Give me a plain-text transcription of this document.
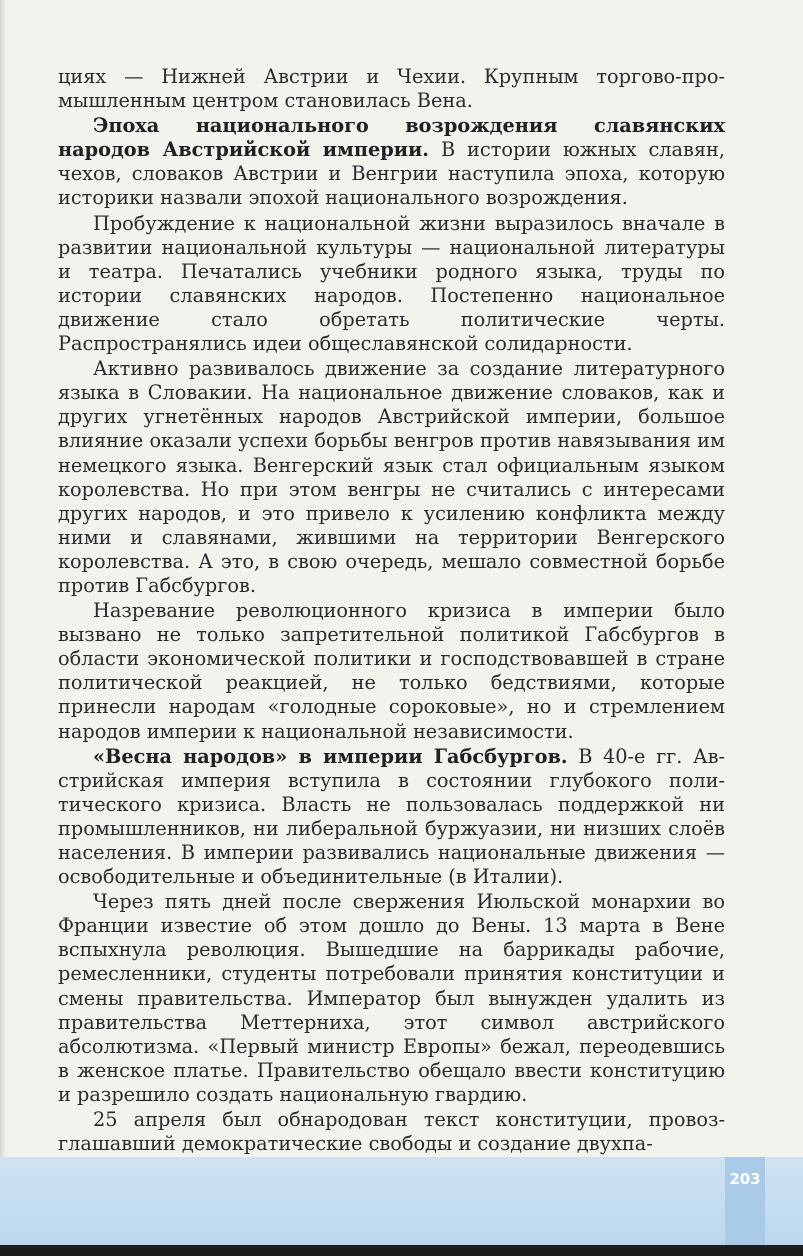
циях — Нижней Австрии и Чехии. Крупным торгово-промышленным центром становилась Вена.

Эпоха национального возрождения славянских народов Австрийской империи. В истории южных славян, чехов, словаков Австрии и Венгрии наступила эпоха, которую историки назвали эпохой национального возрождения.

Пробуждение к национальной жизни выразилось вначале в развитии национальной культуры — национальной литературы и театра. Печатались учебники родного языка, труды по истории славянских народов. Постепенно национальное движение стало обретать политические черты. Распространялись идеи общеславянской солидарности.

Активно развивалось движение за создание литературного языка в Словакии. На национальное движение словаков, как и других угнетённых народов Австрийской империи, большое влияние оказали успехи борьбы венгров против навязывания им немецкого языка. Венгерский язык стал официальным языком королевства. Но при этом венгры не считались с интересами других народов, и это привело к усилению конфликта между ними и славянами, жившими на территории Венгерского королевства. А это, в свою очередь, мешало совместной борьбе против Габсбургов.

Назревание революционного кризиса в империи было вызвано не только запретительной политикой Габсбургов в области экономической политики и господствовавшей в стране политической реакцией, не только бедствиями, которые принесли народам «голодные сороковые», но и стремлением народов империи к национальной независимости.

«Весна народов» в империи Габсбургов. В 40-е гг. Австрийская империя вступила в состоянии глубокого политического кризиса. Власть не пользовалась поддержкой ни промышленников, ни либеральной буржуазии, ни низших слоёв населения. В империи развивались национальные движения — освободительные и объединительные (в Италии).

Через пять дней после свержения Июльской монархии во Франции известие об этом дошло до Вены. 13 марта в Вене вспыхнула революция. Вышедшие на баррикады рабочие, ремесленники, студенты потребовали принятия конституции и смены правительства. Император был вынужден удалить из правительства Меттерниха, этот символ австрийского абсолютизма. «Первый министр Европы» бежал, переодевшись в женское платье. Правительство обещало ввести конституцию и разрешило создать национальную гвардию.

25 апреля был обнародован текст конституции, провозглашавший демократические свободы и создание двухпа-

203
